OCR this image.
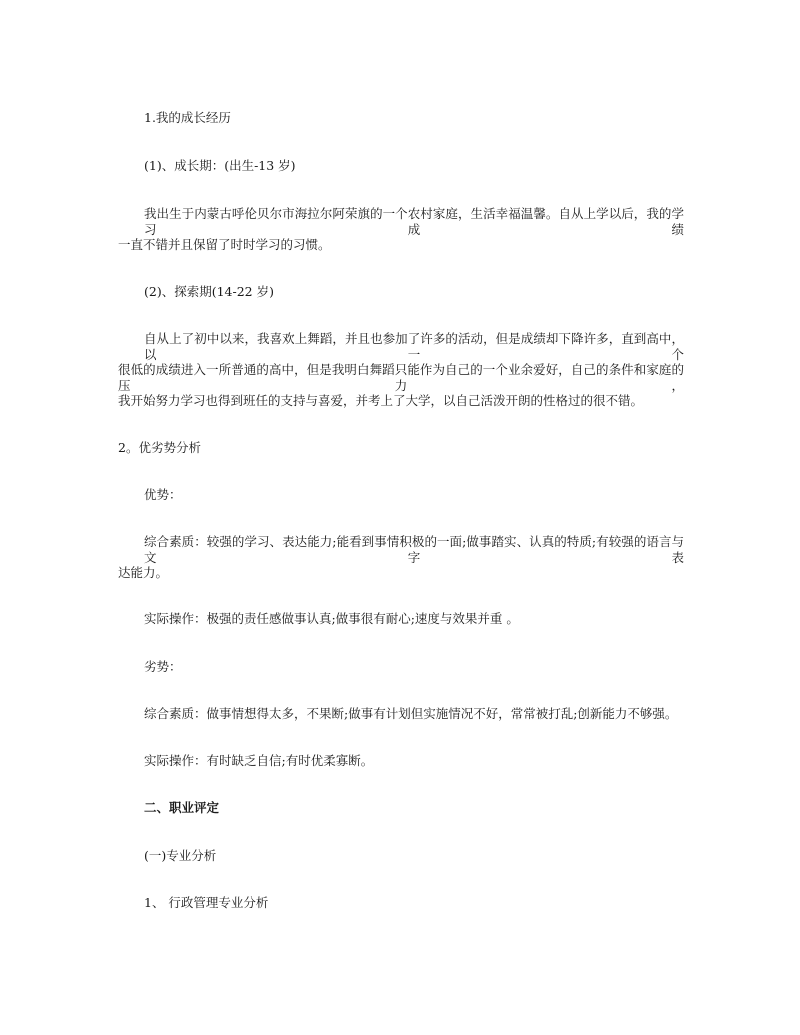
1.我的成长经历
(1)、成长期：(出生-13 岁)
我出生于内蒙古呼伦贝尔市海拉尔阿荣旗的一个农村家庭，生活幸福温馨。自从上学以后，我的学习成绩
一直不错并且保留了时时学习的习惯。
(2)、探索期(14-22 岁)
自从上了初中以来，我喜欢上舞蹈，并且也参加了许多的活动，但是成绩却下降许多，直到高中，以一个
很低的成绩进入一所普通的高中，但是我明白舞蹈只能作为自己的一个业余爱好，自己的条件和家庭的压力，
我开始努力学习也得到班任的支持与喜爱，并考上了大学，以自己活泼开朗的性格过的很不错。
2。优劣势分析
优势：
综合素质：较强的学习、表达能力;能看到事情积极的一面;做事踏实、认真的特质;有较强的语言与文字表
达能力。
实际操作：极强的责任感做事认真;做事很有耐心;速度与效果并重 。
劣势：
综合素质：做事情想得太多，不果断;做事有计划但实施情况不好，常常被打乱;创新能力不够强。
实际操作：有时缺乏自信;有时优柔寡断。
二、职业评定
(一)专业分析
1、 行政管理专业分析
